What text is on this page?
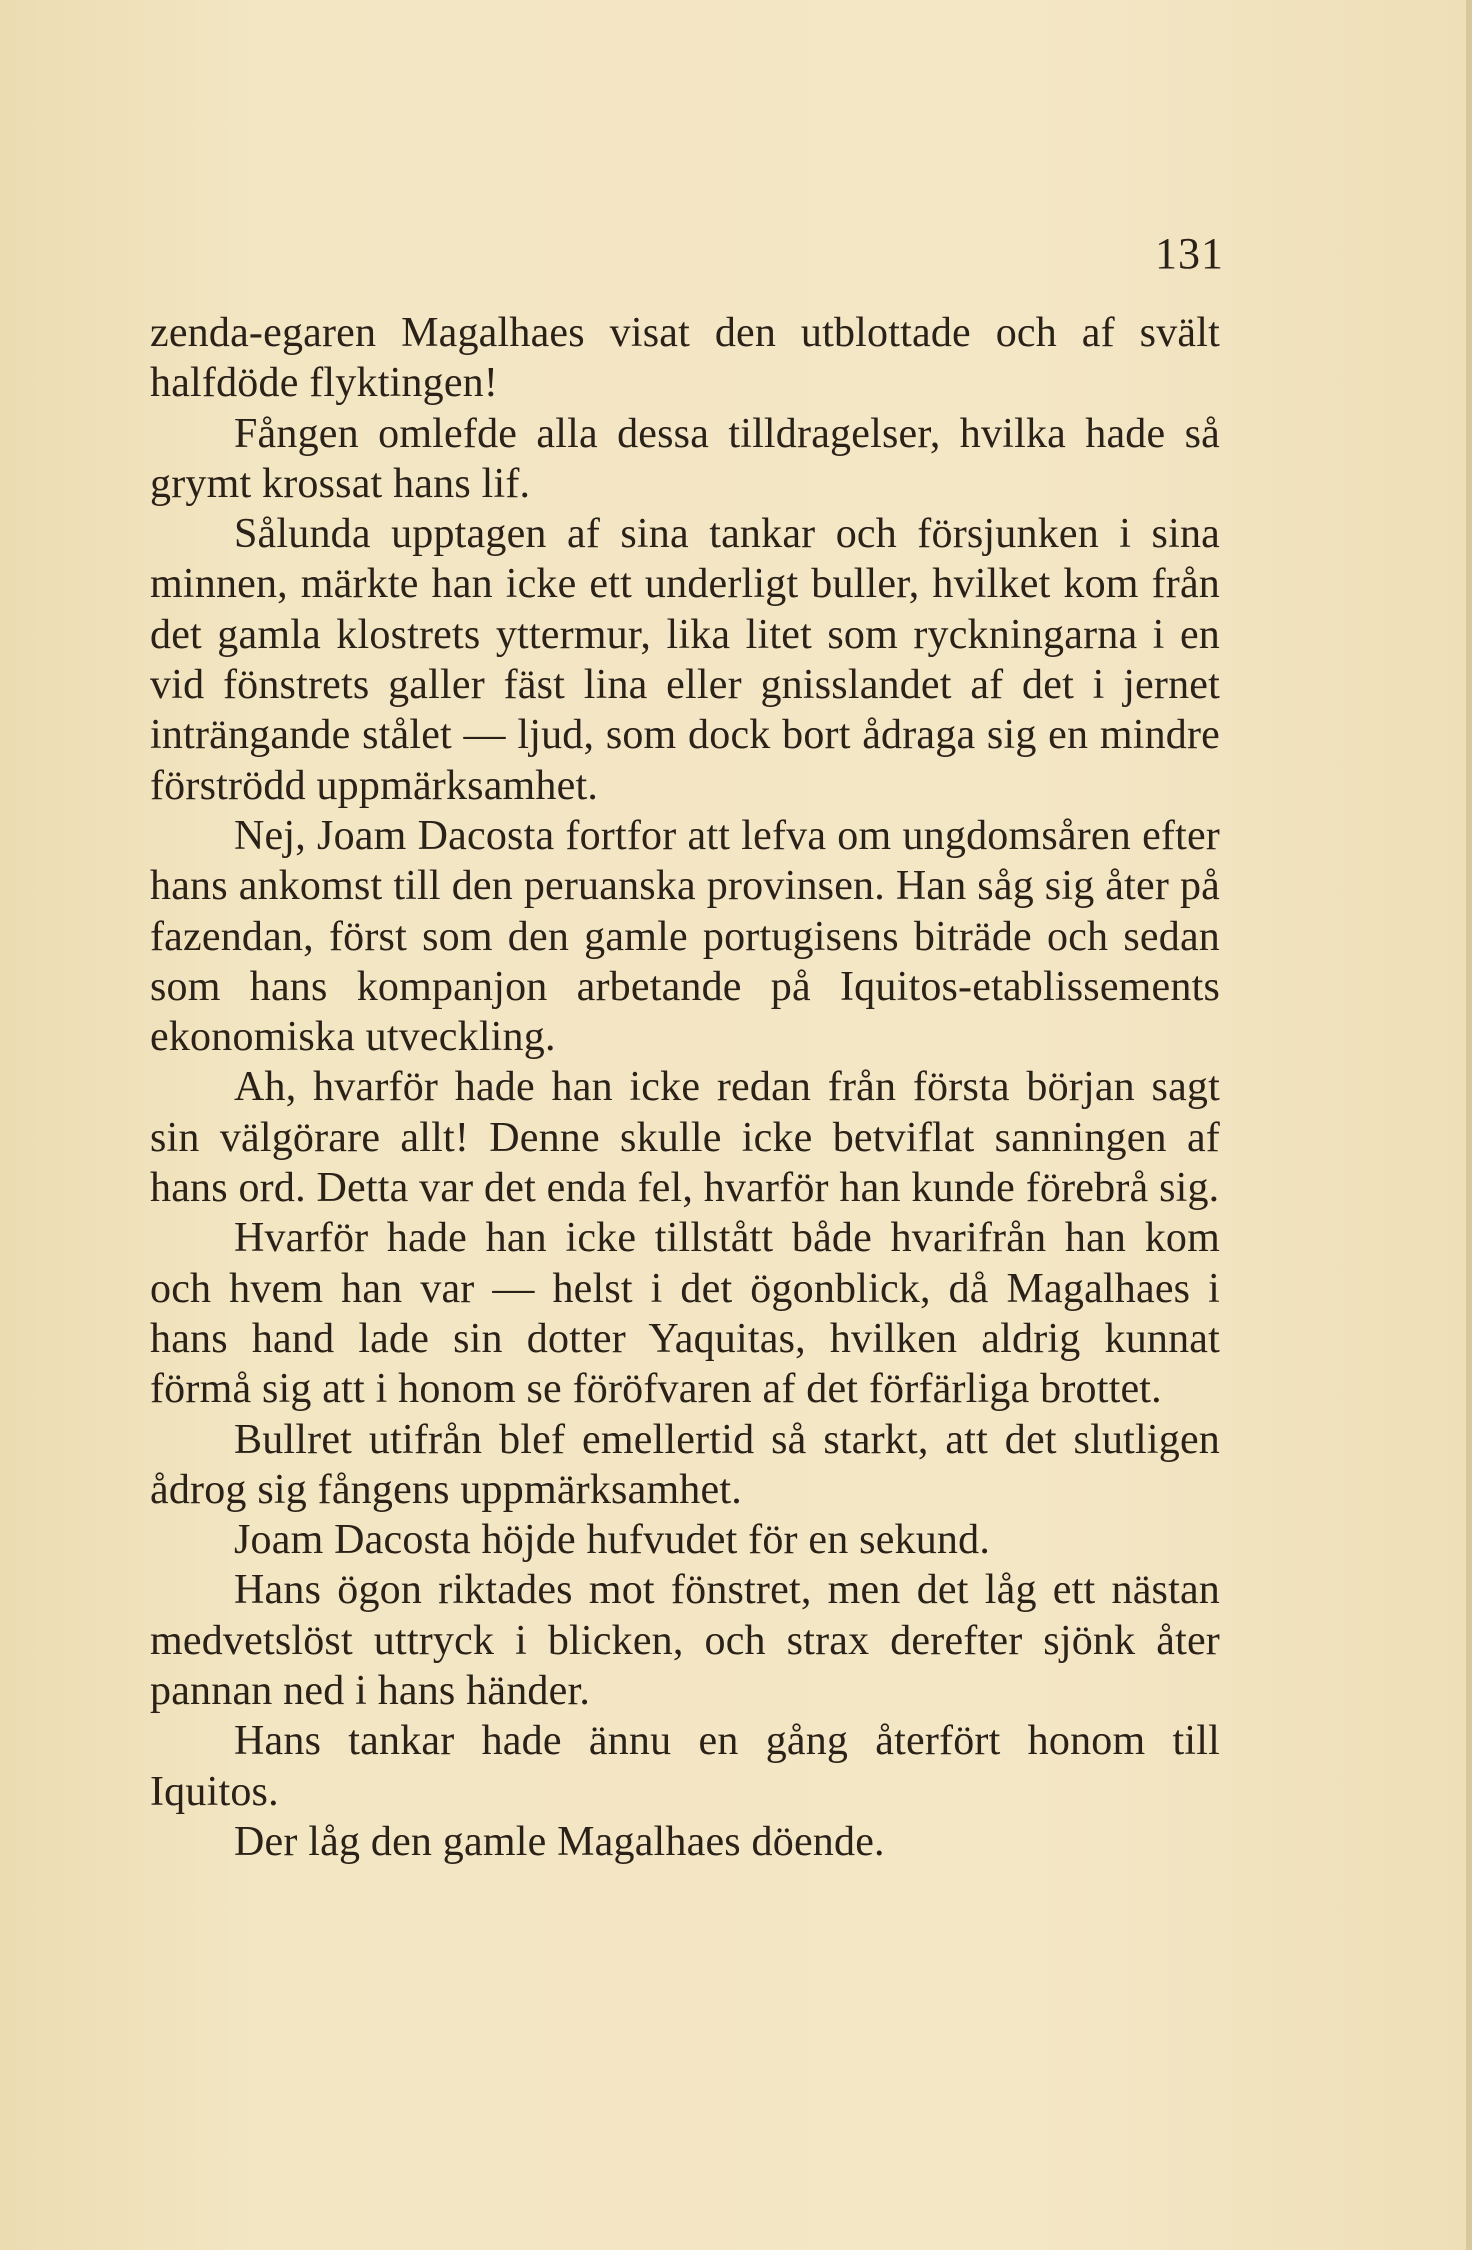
131

zenda-egaren Magalhaes visat den utblottade och af svält halfdöde flyktingen!

Fången omlefde alla dessa tilldragelser, hvilka hade så grymt krossat hans lif.

Sålunda upptagen af sina tankar och försjunken i sina minnen, märkte han icke ett underligt buller, hvilket kom från det gamla klostrets yttermur, lika litet som ryckningarna i en vid fönstrets galler fäst lina eller gnisslandet af det i jernet inträngande stålet — ljud, som dock bort ådraga sig en mindre förströdd uppmärksamhet.

Nej, Joam Dacosta fortfor att lefva om ungdomsåren efter hans ankomst till den peruanska provinsen. Han såg sig åter på fazendan, först som den gamle portugisens biträde och sedan som hans kompanjon arbetande på Iquitos-etablissements ekonomiska utveckling.

Ah, hvarför hade han icke redan från första början sagt sin välgörare allt! Denne skulle icke betviflat sanningen af hans ord. Detta var det enda fel, hvarför han kunde förebrå sig.

Hvarför hade han icke tillstått både hvarifrån han kom och hvem han var — helst i det ögonblick, då Magalhaes i hans hand lade sin dotter Yaquitas, hvilken aldrig kunnat förmå sig att i honom se föröfvaren af det förfärliga brottet.

Bullret utifrån blef emellertid så starkt, att det slutligen ådrog sig fångens uppmärksamhet.

Joam Dacosta höjde hufvudet för en sekund.

Hans ögon riktades mot fönstret, men det låg ett nästan medvetslöst uttryck i blicken, och strax derefter sjönk åter pannan ned i hans händer.

Hans tankar hade ännu en gång återfört honom till Iquitos.

Der låg den gamle Magalhaes döende.
